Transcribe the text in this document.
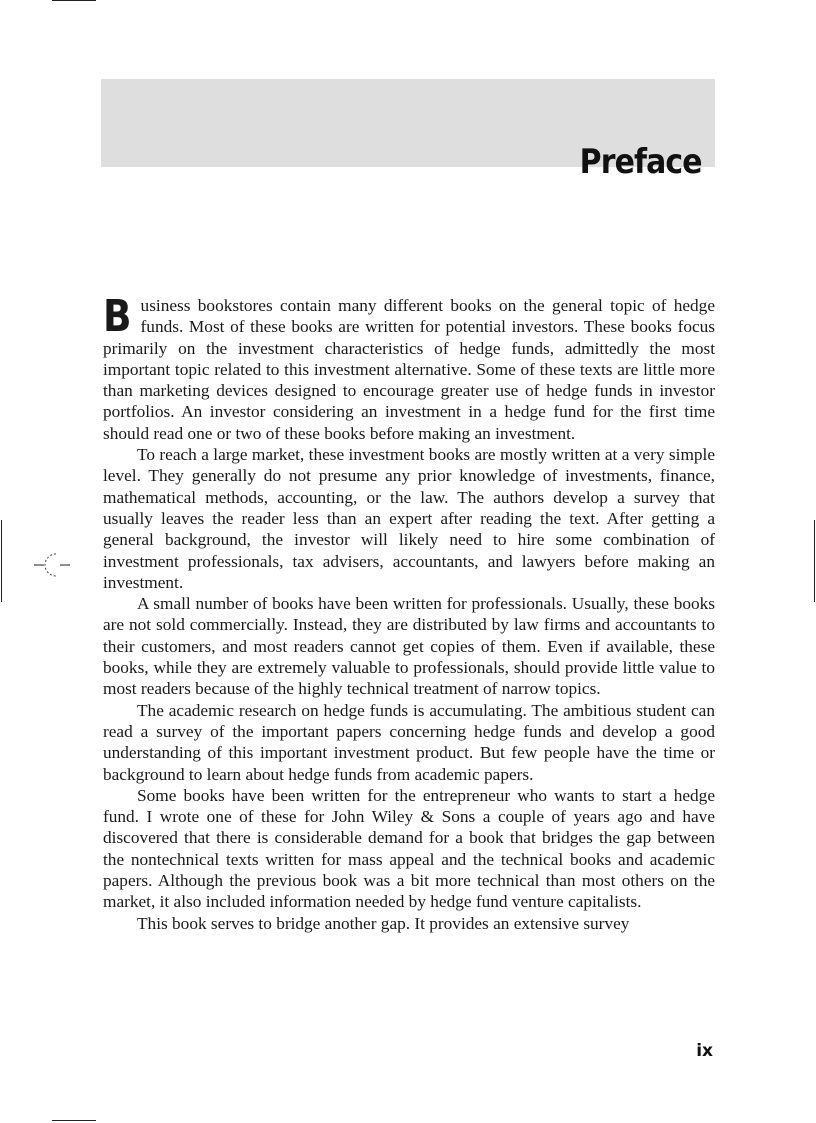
Preface

Business bookstores contain many different books on the general topic of hedge funds. Most of these books are written for potential investors. These books focus primarily on the investment characteristics of hedge funds, admittedly the most important topic related to this investment alternative. Some of these texts are little more than marketing devices designed to encourage greater use of hedge funds in investor portfolios. An investor considering an investment in a hedge fund for the first time should read one or two of these books before making an investment.

To reach a large market, these investment books are mostly written at a very simple level. They generally do not presume any prior knowledge of investments, finance, mathematical methods, accounting, or the law. The authors develop a survey that usually leaves the reader less than an expert after reading the text. After getting a general background, the investor will likely need to hire some combination of investment professionals, tax advisers, accountants, and lawyers before making an investment.

A small number of books have been written for professionals. Usually, these books are not sold commercially. Instead, they are distributed by law firms and accountants to their customers, and most readers cannot get copies of them. Even if available, these books, while they are extremely valuable to professionals, should provide little value to most readers because of the highly technical treatment of narrow topics.

The academic research on hedge funds is accumulating. The ambitious student can read a survey of the important papers concerning hedge funds and develop a good understanding of this important investment product. But few people have the time or background to learn about hedge funds from academic papers.

Some books have been written for the entrepreneur who wants to start a hedge fund. I wrote one of these for John Wiley & Sons a couple of years ago and have discovered that there is considerable demand for a book that bridges the gap between the nontechnical texts written for mass appeal and the technical books and academic papers. Although the previous book was a bit more technical than most others on the market, it also included information needed by hedge fund venture capitalists.

This book serves to bridge another gap. It provides an extensive survey

ix
